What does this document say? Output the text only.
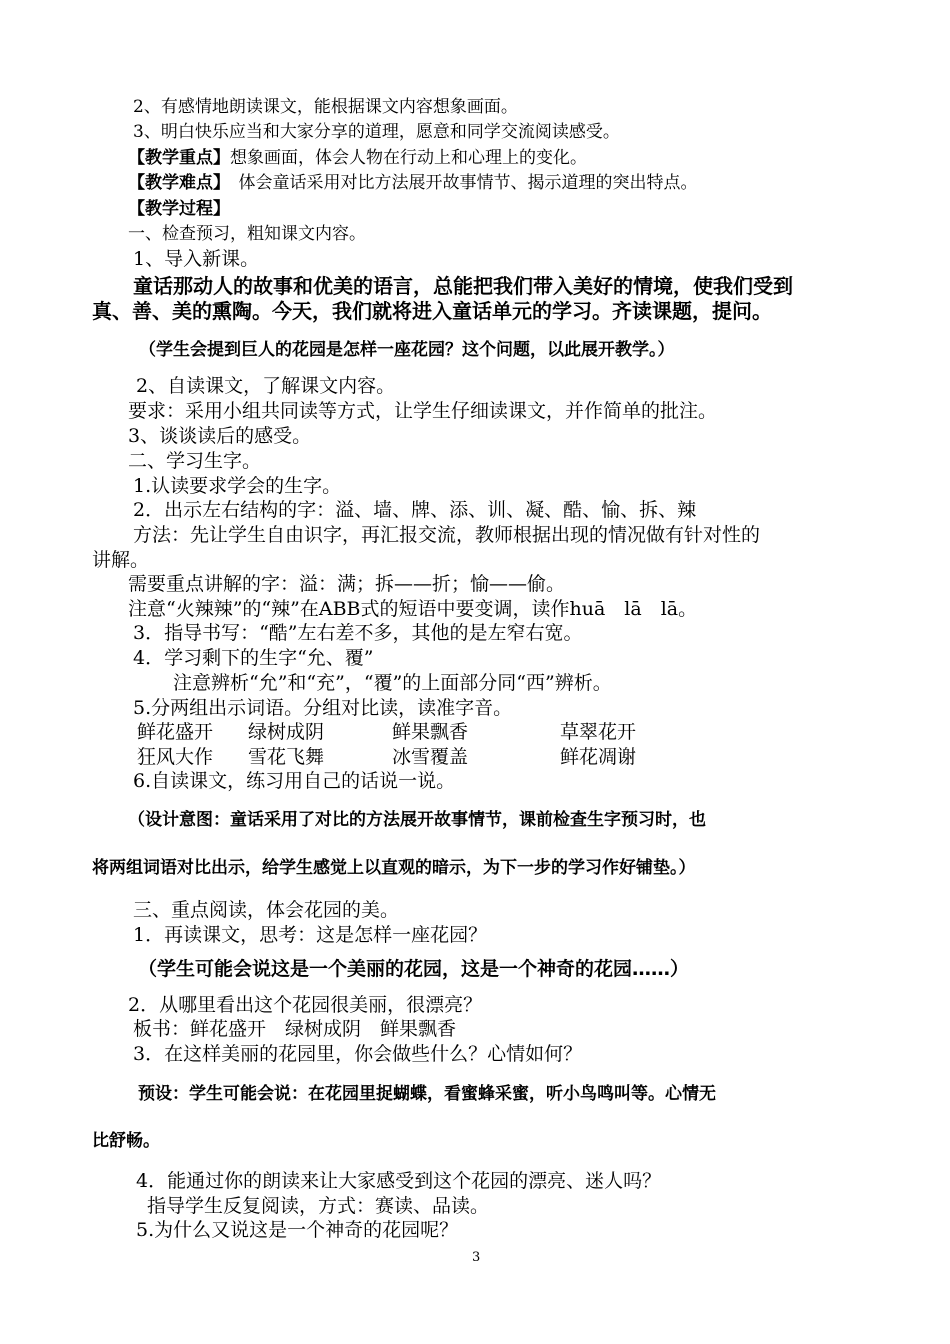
2、有感情地朗读课文，能根据课文内容想象画面。
3、明白快乐应当和大家分享的道理，愿意和同学交流阅读感受。
【教学重点】想象画面，体会人物在行动上和心理上的变化。
【教学难点】　体会童话采用对比方法展开故事情节、揭示道理的突出特点。
【教学过程】
一、检查预习，粗知课文内容。
1、导入新课。
童话那动人的故事和优美的语言，总能把我们带入美好的情境，使我们受到
真、善、美的熏陶。今天，我们就将进入童话单元的学习。齐读课题，提问。
（学生会提到巨人的花园是怎样一座花园？这个问题，以此展开教学。）
2、自读课文，了解课文内容。
要求：采用小组共同读等方式，让学生仔细读课文，并作简单的批注。
3、谈谈读后的感受。
二、学习生字。
1.认读要求学会的生字。
2．出示左右结构的字：溢、墙、牌、添、训、凝、酷、愉、拆、辣
方法：先让学生自由识字，再汇报交流，教师根据出现的情况做有针对性的
讲解。
需要重点讲解的字：溢：满；拆——折；愉——偷。
注意“火辣辣”的“辣”在ABB式的短语中要变调，读作huā　lā　lā。
3．指导书写：“酷”左右差不多，其他的是左窄右宽。
4．学习剩下的生字“允、覆”
注意辨析“允”和“充”，“覆”的上面部分同“西”辨析。
5.分两组出示词语。分组对比读，读准字音。
鲜花盛开 绿树成阴	鲜果飘香	草翠花开
狂风大作 雪花飞舞	冰雪覆盖	鲜花凋谢
6.自读课文，练习用自己的话说一说。
（设计意图：童话采用了对比的方法展开故事情节，课前检查生字预习时，也
将两组词语对比出示，给学生感觉上以直观的暗示，为下一步的学习作好铺垫。）
三、重点阅读，体会花园的美。
1．再读课文，思考：这是怎样一座花园？
（学生可能会说这是一个美丽的花园，这是一个神奇的花园……）
2．从哪里看出这个花园很美丽，很漂亮？
板书：鲜花盛开　绿树成阴　鲜果飘香
3．在这样美丽的花园里，你会做些什么？心情如何？
预设：学生可能会说：在花园里捉蝴蝶，看蜜蜂采蜜，听小鸟鸣叫等。心情无
比舒畅。
4．能通过你的朗读来让大家感受到这个花园的漂亮、迷人吗？
指导学生反复阅读，方式：赛读、品读。
5.为什么又说这是一个神奇的花园呢？
3
